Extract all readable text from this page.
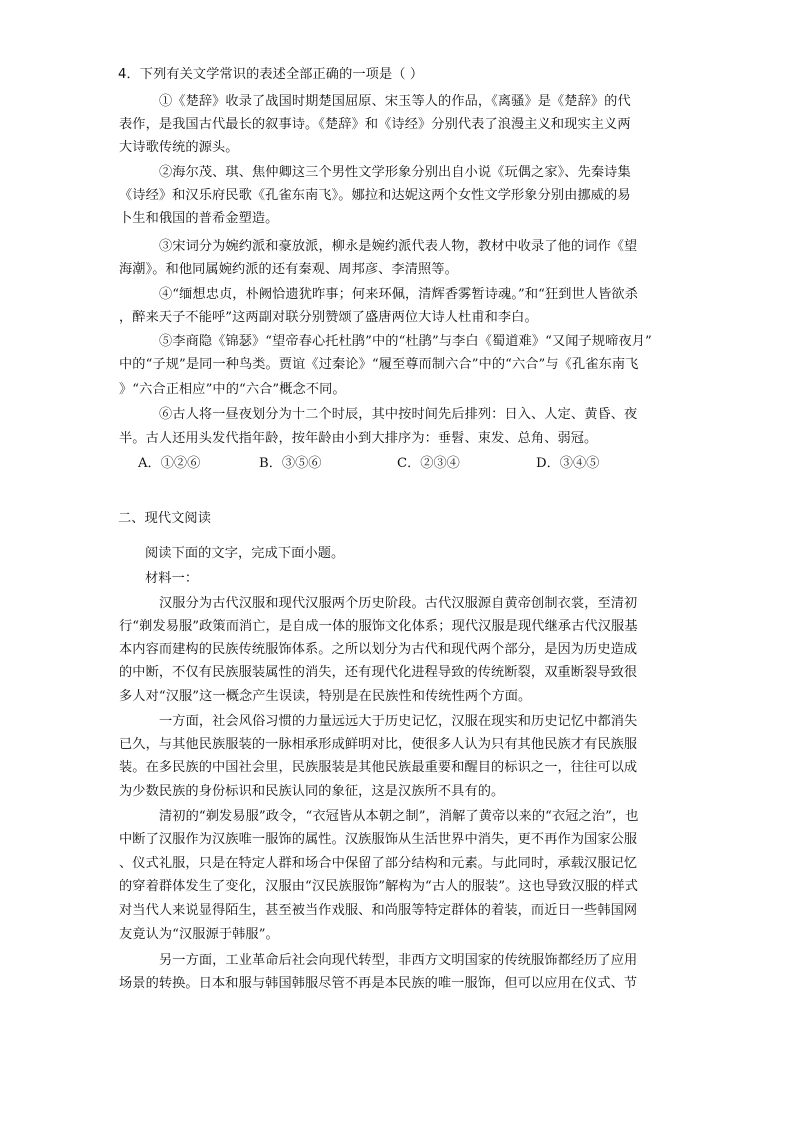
4．下列有关文学常识的表述全部正确的一项是（ ）
①《楚辞》收录了战国时期楚国屈原、宋玉等人的作品，《离骚》是《楚辞》的代
表作，是我国古代最长的叙事诗。《楚辞》和《诗经》分别代表了浪漫主义和现实主义两
大诗歌传统的源头。
②海尔茂、琪、焦仲卿这三个男性文学形象分别出自小说《玩偶之家》、先秦诗集
《诗经》和汉乐府民歌《孔雀东南飞》。娜拉和达妮这两个女性文学形象分别由挪威的易
卜生和俄国的普希金塑造。
③宋词分为婉约派和豪放派，柳永是婉约派代表人物，教材中收录了他的词作《望
海潮》。和他同属婉约派的还有秦观、周邦彦、李清照等。
④“缅想忠贞，朴阙恰遗犹昨事；何来环佩，清辉香雾暂诗魂。”和“狂到世人皆欲杀
，醉来天子不能呼”这两副对联分别赞颂了盛唐两位大诗人杜甫和李白。
⑤李商隐《锦瑟》“望帝春心托杜鹃”中的“杜鹃”与李白《蜀道难》“又闻子规啼夜月”
中的“子规”是同一种鸟类。贾谊《过秦论》“履至尊而制六合”中的“六合”与《孔雀东南飞
》“六合正相应”中的“六合”概念不同。
⑥古人将一昼夜划分为十二个时辰，其中按时间先后排列：日入、人定、黄昏、夜
半。古人还用头发代指年龄，按年龄由小到大排序为：垂髫、束发、总角、弱冠。
A．①②⑥	B．③⑤⑥	C．②③④	D．③④⑤
二、现代文阅读
阅读下面的文字，完成下面小题。
材料一：
汉服分为古代汉服和现代汉服两个历史阶段。古代汉服源自黄帝创制衣裳，至清初
行“剃发易服”政策而消亡，是自成一体的服饰文化体系；现代汉服是现代继承古代汉服基
本内容而建构的民族传统服饰体系。之所以划分为古代和现代两个部分，是因为历史造成
的中断，不仅有民族服装属性的消失，还有现代化进程导致的传统断裂，双重断裂导致很
多人对“汉服”这一概念产生误读，特别是在民族性和传统性两个方面。
一方面，社会风俗习惯的力量远远大于历史记忆，汉服在现实和历史记忆中都消失
已久，与其他民族服装的一脉相承形成鲜明对比，使很多人认为只有其他民族才有民族服
装。在多民族的中国社会里，民族服装是其他民族最重要和醒目的标识之一，往往可以成
为少数民族的身份标识和民族认同的象征，这是汉族所不具有的。
清初的“剃发易服”政令，“衣冠皆从本朝之制”，消解了黄帝以来的“衣冠之治”，也
中断了汉服作为汉族唯一服饰的属性。汉族服饰从生活世界中消失，更不再作为国家公服
、仪式礼服，只是在特定人群和场合中保留了部分结构和元素。与此同时，承载汉服记忆
的穿着群体发生了变化，汉服由“汉民族服饰”解构为“古人的服装”。这也导致汉服的样式
对当代人来说显得陌生，甚至被当作戏服、和尚服等特定群体的着装，而近日一些韩国网
友竟认为“汉服源于韩服”。
另一方面，工业革命后社会向现代转型，非西方文明国家的传统服饰都经历了应用
场景的转换。日本和服与韩国韩服尽管不再是本民族的唯一服饰，但可以应用在仪式、节
